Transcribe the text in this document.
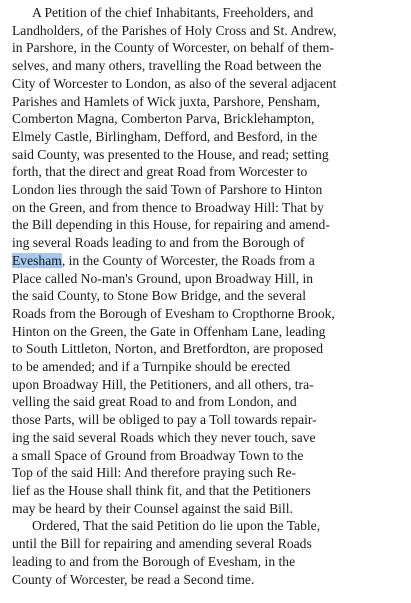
A Petition of the chief Inhabitants, Freeholders, and
Landholders, of the Parishes of Holy Cross and St. Andrew,
in Parshore, in the County of Worcester, on behalf of them-
selves, and many others, travelling the Road between the
City of Worcester to London, as also of the several adjacent
Parishes and Hamlets of Wick juxta, Parshore, Pensham,
Comberton Magna, Comberton Parva, Bricklehampton,
Elmely Castle, Birlingham, Defford, and Besford, in the
said County, was presented to the House, and read; setting
forth, that the direct and great Road from Worcester to
London lies through the said Town of Parshore to Hinton
on the Green, and from thence to Broadway Hill: That by
the Bill depending in this House, for repairing and amend-
ing several Roads leading to and from the Borough of
Evesham, in the County of Worcester, the Roads from a
Place called No-man's Ground, upon Broadway Hill, in
the said County, to Stone Bow Bridge, and the several
Roads from the Borough of Evesham to Cropthorne Brook,
Hinton on the Green, the Gate in Offenham Lane, leading
to South Littleton, Norton, and Bretfordton, are proposed
to be amended; and if a Turnpike should be erected
upon Broadway Hill, the Petitioners, and all others, tra-
velling the said great Road to and from London, and
those Parts, will be obliged to pay a Toll towards repair-
ing the said several Roads which they never touch, save
a small Space of Ground from Broadway Town to the
Top of the said Hill: And therefore praying such Re-
lief as the House shall think fit, and that the Petitioners
may be heard by their Counsel against the said Bill.
Ordered, That the said Petition do lie upon the Table,
until the Bill for repairing and amending several Roads
leading to and from the Borough of Evesham, in the
County of Worcester, be read a Second time.
